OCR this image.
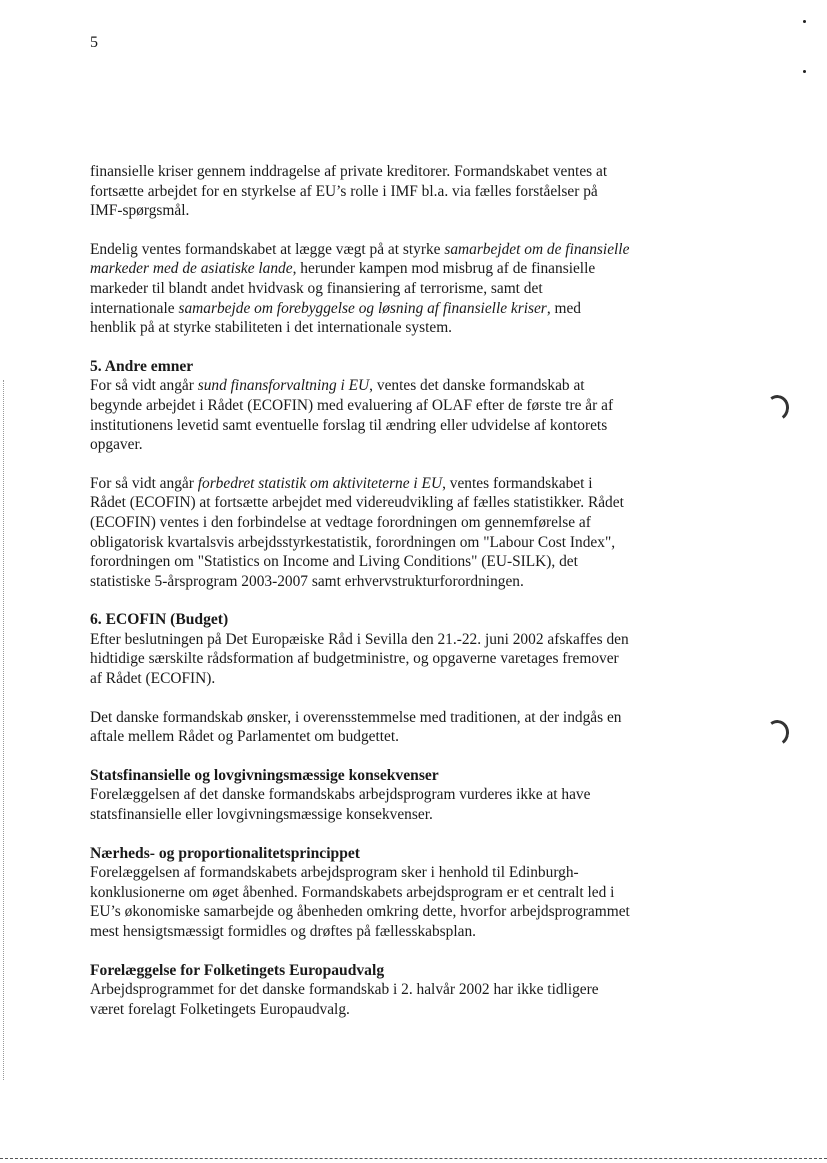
5

finansielle kriser gennem inddragelse af private kreditorer. Formandskabet ventes at fortsætte arbejdet for en styrkelse af EU’s rolle i IMF bl.a. via fælles forståelser på IMF-spørgsmål.

Endelig ventes formandskabet at lægge vægt på at styrke samarbejdet om de finansielle markeder med de asiatiske lande, herunder kampen mod misbrug af de finansielle markeder til blandt andet hvidvask og finansiering af terrorisme, samt det internationale samarbejde om forebyggelse og løsning af finansielle kriser, med henblik på at styrke stabiliteten i det internationale system.

5. Andre emner

For så vidt angår sund finansforvaltning i EU, ventes det danske formandskab at begynde arbejdet i Rådet (ECOFIN) med evaluering af OLAF efter de første tre år af institutionens levetid samt eventuelle forslag til ændring eller udvidelse af kontorets opgaver.

For så vidt angår forbedret statistik om aktiviteterne i EU, ventes formandskabet i Rådet (ECOFIN) at fortsætte arbejdet med videreudvikling af fælles statistikker. Rådet (ECOFIN) ventes i den forbindelse at vedtage forordningen om gennemførelse af obligatorisk kvartalsvis arbejdsstyrkestatistik, forordningen om "Labour Cost Index", forordningen om "Statistics on Income and Living Conditions" (EU-SILK), det statistiske 5-årsprogram 2003-2007 samt erhvervstrukturforordningen.

6. ECOFIN (Budget)

Efter beslutningen på Det Europæiske Råd i Sevilla den 21.-22. juni 2002 afskaffes den hidtidige særskilte rådsformation af budgetministre, og opgaverne varetages fremover af Rådet (ECOFIN).

Det danske formandskab ønsker, i overensstemmelse med traditionen, at der indgås en aftale mellem Rådet og Parlamentet om budgettet.

Statsfinansielle og lovgivningsmæssige konsekvenser

Forelæggelsen af det danske formandskabs arbejdsprogram vurderes ikke at have statsfinansielle eller lovgivningsmæssige konsekvenser.

Nærheds- og proportionalitetsprincippet

Forelæggelsen af formandskabets arbejdsprogram sker i henhold til Edinburgh-konklusionerne om øget åbenhed. Formandskabets arbejdsprogram er et centralt led i EU’s økonomiske samarbejde og åbenheden omkring dette, hvorfor arbejdsprogrammet mest hensigtsmæssigt formidles og drøftes på fællesskabsplan.

Forelæggelse for Folketingets Europaudvalg

Arbejdsprogrammet for det danske formandskab i 2. halvår 2002 har ikke tidligere været forelagt Folketingets Europaudvalg.
